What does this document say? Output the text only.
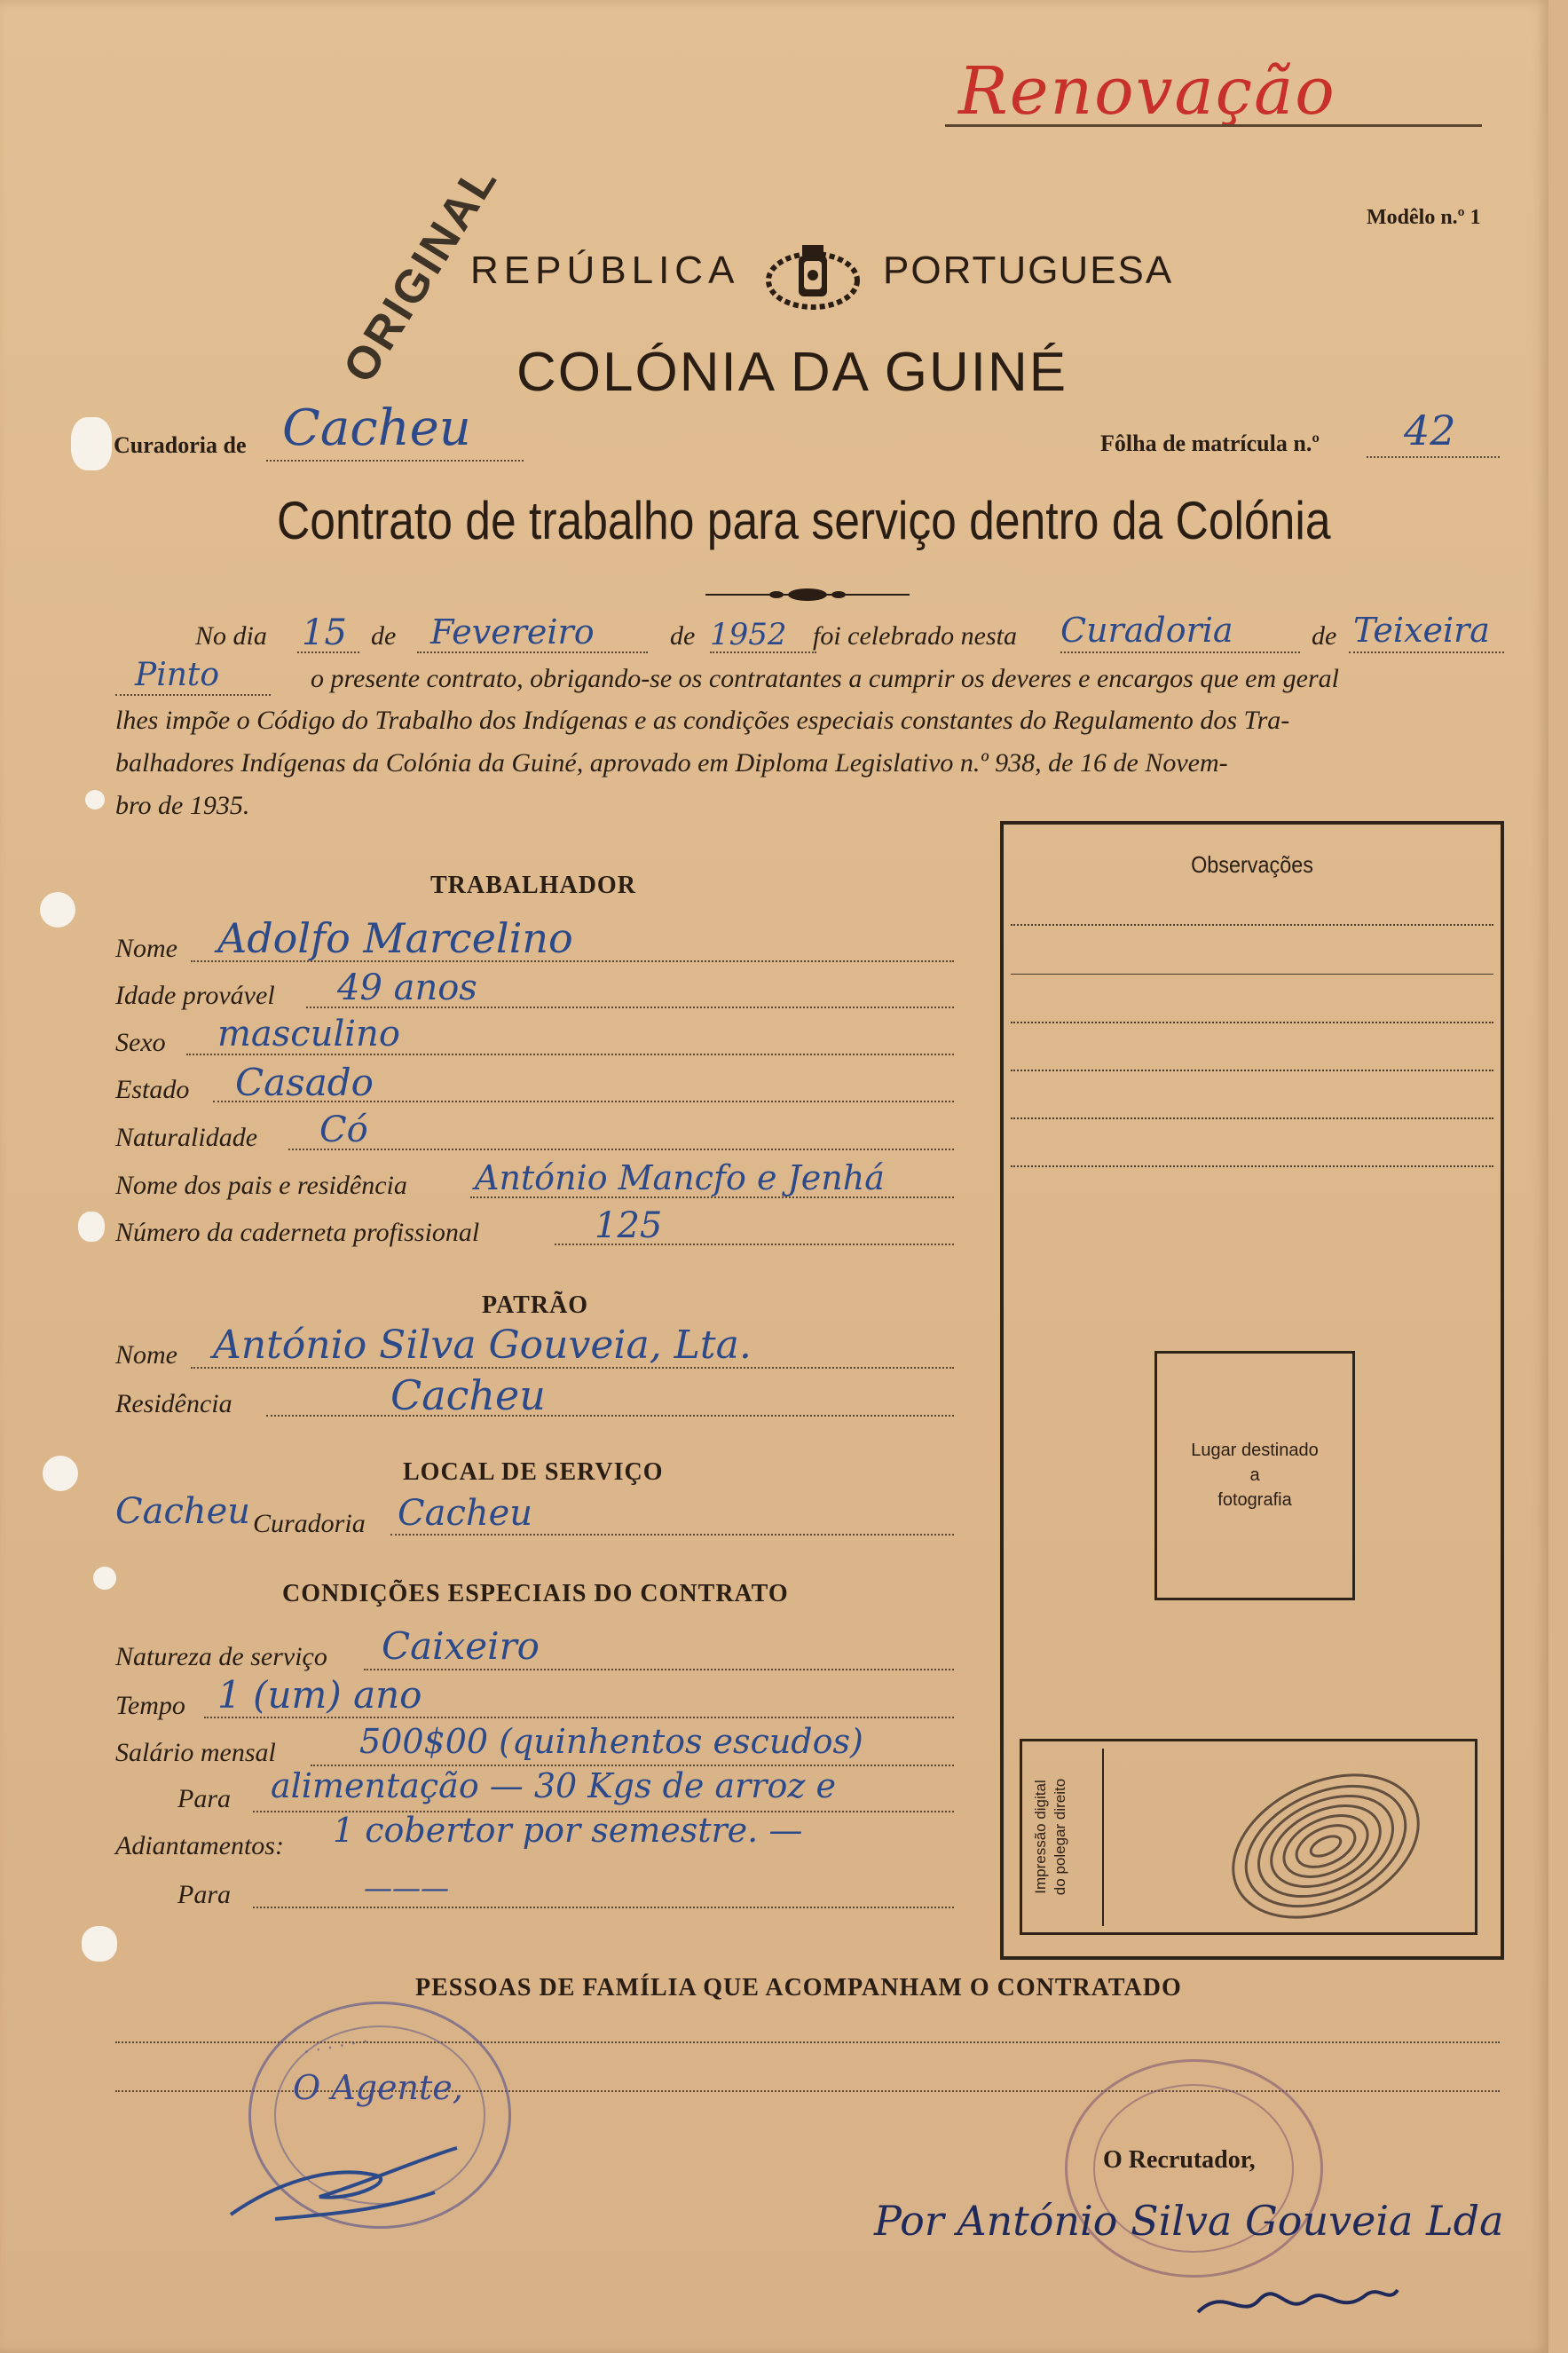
Renovação
Modêlo n.º 1
ORIGINAL
REPÚBLICA	PORTUGUESA
COLÓNIA DA GUINÉ
Curadoria de Cacheu	Fôlha de matrícula n.º 42
Contrato de trabalho para serviço dentro da Colónia
No dia 15 de Fevereiro	de 1952 foi celebrado nesta Curadoria	de Teixeira
Pinto	o presente contrato, obrigando-se os contratantes a cumprir os deveres e encargos que em geral
lhes impõe o Código do Trabalho dos Indígenas e as condições especiais constantes do Regulamento dos Tra-
balhadores Indígenas da Colónia da Guiné, aprovado em Diploma Legislativo n.º 938, de 16 de Novem-
bro de 1935.
Observações
Lugar destinado
a
fotografia
Impressão digital do polegar direito
TRABALHADOR
Nome Adolfo Marcelino
Idade provável 49 anos
Sexo masculino
Estado Casado
Naturalidade Có
Nome dos pais e residência António Mancfo e Jenhá
Número da caderneta profissional	125
PATRÃO
Nome António Silva Gouveia, Lta.
Residência	Cacheu
LOCAL DE SERVIÇO
Cacheu Curadoria Cacheu
CONDIÇÕES ESPECIAIS DO CONTRATO
Natureza de serviço Caixeiro
Tempo 1 (um) ano
Salário mensal 500$00 (quinhentos escudos)
Para alimentação — 30 Kgs de arroz e
Adiantamentos: 1 cobertor por semestre. —
Para	———
PESSOAS DE FAMÍLIA QUE ACOMPANHAM O CONTRATADO
· · · · · ·
O Agente,
O Recrutador,
Por António Silva Gouveia Lda
